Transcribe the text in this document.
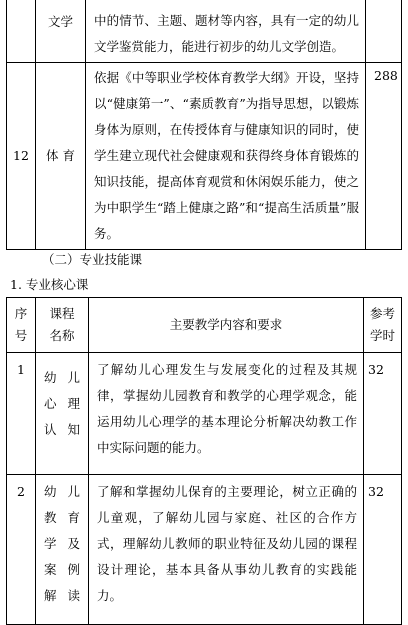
	文学	中的情节、主题、题材等内容，具有一定的幼儿文学鉴赏能力，能进行初步的幼儿文学创造。	

12	体 育	依据《中等职业学校体育教学大纲》开设，坚持以“健康第一”、“素质教育”为指导思想，以锻炼身体为原则，在传授体育与健康知识的同时，使学生建立现代社会健康观和获得终身体育锻炼的知识技能，提高体育观赏和休闲娱乐能力，使之为中职学生“踏上健康之路”和“提高生活质量”服务。	288
（二）专业技能课
1. 专业核心课
序号	课程名称	主要教学内容和要求	参考学时

1	幼儿心理认知	了解幼儿心理发生与发展变化的过程及其规律，掌握幼儿园教育和教学的心理学观念，能运用幼儿心理学的基本理论分析解决幼教工作中实际问题的能力。	32

2	幼儿教育学及案例解读	了解和掌握幼儿保育的主要理论，树立正确的儿童观，了解幼儿园与家庭、社区的合作方式，理解幼儿教师的职业特征及幼儿园的课程设计理论，基本具备从事幼儿教育的实践能力。	32
